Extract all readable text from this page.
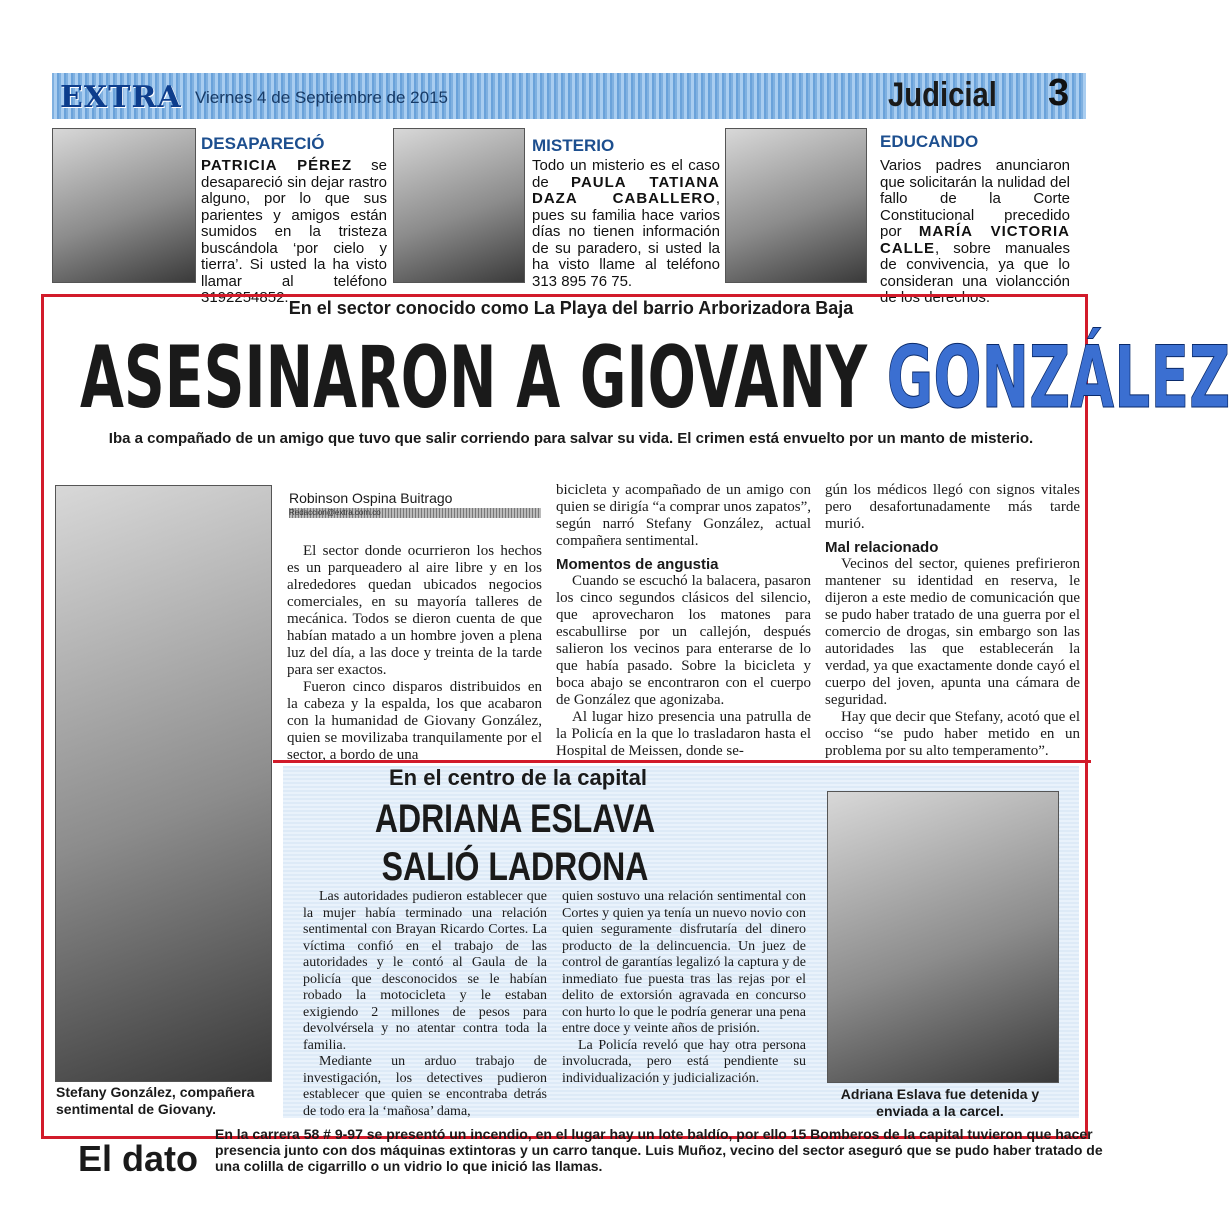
EXTRA Viernes 4 de Septiembre de 2015	Judicial 3
DESAPARECIÓ
PATRICIA PÉREZ se desapareció sin dejar rastro alguno, por lo que sus parientes y amigos están sumidos en la tristeza buscándola ‘por cielo y tierra’. Si usted la ha visto llamar al teléfono 3192254852.
MISTERIO
Todo un misterio es el caso de PAULA TATIANA DAZA CABALLERO, pues su familia hace varios días no tienen información de su paradero, si usted la ha visto llame al teléfono 313 895 76 75.
EDUCANDO
Varios padres anunciaron que solicitarán la nulidad del fallo de la Corte Constitucional precedido por MARÍA VICTORIA CALLE, sobre manuales de convivencia, ya que lo consideran una violancción de los derechos.
En el sector conocido como La Playa del barrio Arborizadora Baja
ASESINARON A GIOVANY GONZÁLEZ
Iba a compañado de un amigo que tuvo que salir corriendo para salvar su vida. El crimen está envuelto por un manto de misterio.
Stefany González, compañera sentimental de Giovany.
Robinson Ospina Buitrago
Redaccion@extra.com.co

El sector donde ocurrieron los hechos es un parqueadero al aire libre y en los alrededores quedan ubicados negocios comerciales, en su mayoría talleres de mecánica. Todos se dieron cuenta de que habían matado a un hombre joven a plena luz del día, a las doce y treinta de la tarde para ser exactos.

Fueron cinco disparos distribuidos en la cabeza y la espalda, los que acabaron con la humanidad de Giovany González, quien se movilizaba tranquilamente por el sector, a bordo de una

bicicleta y acompañado de un amigo con quien se dirigía “a comprar unos zapatos”, según narró Stefany González, actual compañera sentimental.

Momentos de angustia

Cuando se escuchó la balacera, pasaron los cinco segundos clásicos del silencio, que aprovecharon los matones para escabullirse por un callejón, después salieron los vecinos para enterarse de lo que había pasado. Sobre la bicicleta y boca abajo se encontraron con el cuerpo de González que agonizaba.

Al lugar hizo presencia una patrulla de la Policía en la que lo trasladaron hasta el Hospital de Meissen, donde se-

gún los médicos llegó con signos vitales pero desafortunadamente más tarde murió.

Mal relacionado

Vecinos del sector, quienes prefirieron mantener su identidad en reserva, le dijeron a este medio de comunicación que se pudo haber tratado de una guerra por el comercio de drogas, sin embargo son las autoridades las que establecerán la verdad, ya que exactamente donde cayó el cuerpo del joven, apunta una cámara de seguridad.

Hay que decir que Stefany, acotó que el occiso “se pudo haber metido en un problema por su alto temperamento”.

En el centro de la capital
ADRIANA ESLAVA
SALIÓ LADRONA

Las autoridades pudieron establecer que la mujer había terminado una relación sentimental con Brayan Ricardo Cortes. La víctima confió en el trabajo de las autoridades y le contó al Gaula de la policía que desconocidos se le habían robado la motocicleta y le estaban exigiendo 2 millones de pesos para devolvérsela y no atentar contra toda la familia.

Mediante un arduo trabajo de investigación, los detectives pudieron establecer que quien se encontraba detrás de todo era la ‘mañosa’ dama,

quien sostuvo una relación sentimental con Cortes y quien ya tenía un nuevo novio con quien seguramente disfrutaría del dinero producto de la delincuencia. Un juez de control de garantías legalizó la captura y de inmediato fue puesta tras las rejas por el delito de extorsión agravada en concurso con hurto lo que le podría generar una pena entre doce y veinte años de prisión.

La Policía reveló que hay otra persona involucrada, pero está pendiente su individualización y judicialización.

Adriana Eslava fue detenida y enviada a la carcel.
El dato
En la carrera 58 # 9-97 se presentó un incendio, en el lugar hay un lote baldío, por ello 15 Bomberos de la capital tuvieron que hacer presencia junto con dos máquinas extintoras y un carro tanque. Luis Muñoz, vecino del sector aseguró que se pudo haber tratado de una colilla de cigarrillo o un vidrio lo que inició las llamas.
